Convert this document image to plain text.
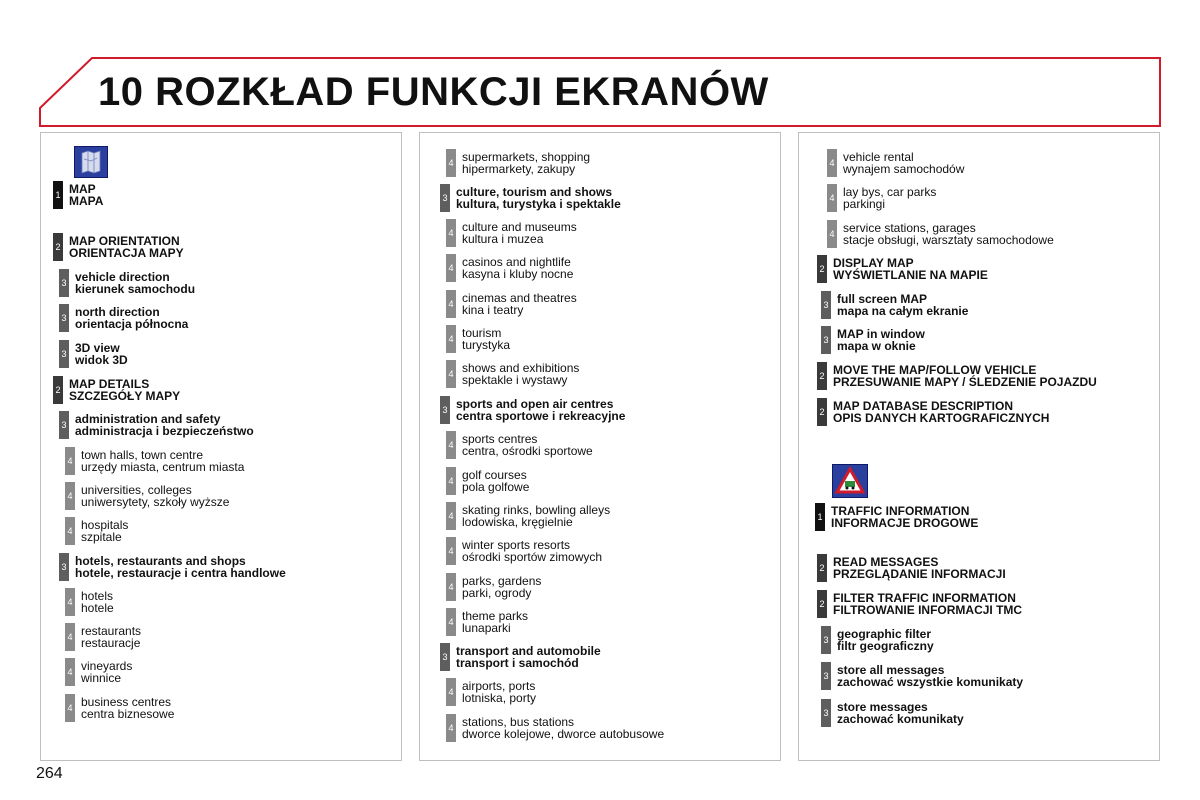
10 ROZKŁAD FUNKCJI EKRANÓW
1 MAP
MAPA
2 MAP ORIENTATION
ORIENTACJA MAPY
3 vehicle direction
kierunek samochodu
3 north direction
orientacja północna
3 3D view
widok 3D
2 MAP DETAILS
SZCZEGÓŁY MAPY
3 administration and safety
administracja i bezpieczeństwo
4 town halls, town centre
urzędy miasta, centrum miasta
4 universities, colleges
uniwersytety, szkoły wyższe
4 hospitals
szpitale
3 hotels, restaurants and shops
hotele, restauracje i centra handlowe
4 hotels
hotele
4 restaurants
restauracje
4 vineyards
winnice
4 business centres
centra biznesowe
4 supermarkets, shopping
hipermarkety, zakupy
3 culture, tourism and shows
kultura, turystyka i spektakle
4 culture and museums
kultura i muzea
4 casinos and nightlife
kasyna i kluby nocne
4 cinemas and theatres
kina i teatry
4 tourism
turystyka
4 shows and exhibitions
spektakle i wystawy
3 sports and open air centres
centra sportowe i rekreacyjne
4 sports centres
centra, ośrodki sportowe
4 golf courses
pola golfowe
4 skating rinks, bowling alleys
lodowiska, kręgielnie
4 winter sports resorts
ośrodki sportów zimowych
4 parks, gardens
parki, ogrody
4 theme parks
lunaparki
3 transport and automobile
transport i samochód
4 airports, ports
lotniska, porty
4 stations, bus stations
dworce kolejowe, dworce autobusowe
4 vehicle rental
wynajem samochodów
4 lay bys, car parks
parkingi
4 service stations, garages
stacje obsługi, warsztaty samochodowe
2 DISPLAY MAP
WYŚWIETLANIE NA MAPIE
3 full screen MAP
mapa na całym ekranie
3 MAP in window
mapa w oknie
2 MOVE THE MAP/FOLLOW VEHICLE
PRZESUWANIE MAPY / ŚLEDZENIE POJAZDU
2 MAP DATABASE DESCRIPTION
OPIS DANYCH KARTOGRAFICZNYCH
1 TRAFFIC INFORMATION
INFORMACJE DROGOWE
2 READ MESSAGES
PRZEGLĄDANIE INFORMACJI
2 FILTER TRAFFIC INFORMATION
FILTROWANIE INFORMACJI TMC
3 geographic filter
filtr geograficzny
3 store all messages
zachować wszystkie komunikaty
3 store messages
zachować komunikaty
264
